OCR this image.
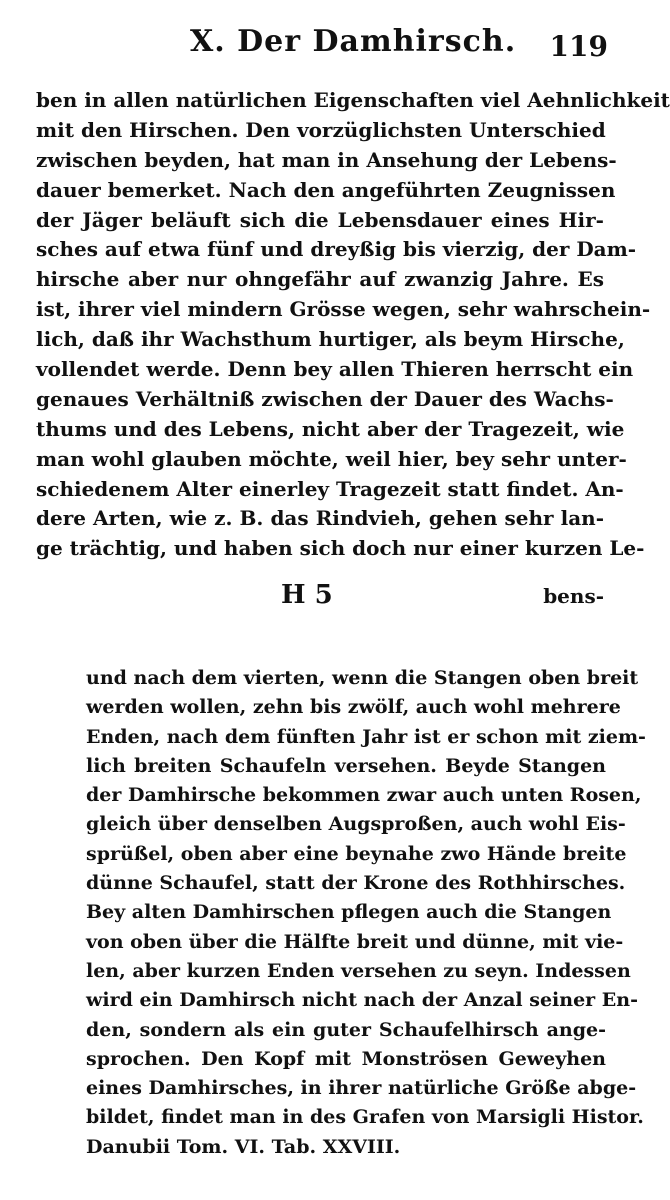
X. Der Damhirsch. 119
ben in allen natürlichen Eigenschaften viel Aehnlichkeit
mit den Hirschen. Den vorzüglichsten Unterschied
zwischen beyden, hat man in Ansehung der Lebens-
dauer bemerket. Nach den angeführten Zeugnissen
der Jäger beläuft sich die Lebensdauer eines Hir-
sches auf etwa fünf und dreyßig bis vierzig, der Dam-
hirsche aber nur ohngefähr auf zwanzig Jahre. Es
ist, ihrer viel mindern Grösse wegen, sehr wahrschein-
lich, daß ihr Wachsthum hurtiger, als beym Hirsche,
vollendet werde. Denn bey allen Thieren herrscht ein
genaues Verhältniß zwischen der Dauer des Wachs-
thums und des Lebens, nicht aber der Tragezeit, wie
man wohl glauben möchte, weil hier, bey sehr unter-
schiedenem Alter einerley Tragezeit statt findet. An-
dere Arten, wie z. B. das Rindvieh, gehen sehr lan-
ge trächtig, und haben sich doch nur einer kurzen Le-
H 5	bens-
und nach dem vierten, wenn die Stangen oben breit
werden wollen, zehn bis zwölf, auch wohl mehrere
Enden, nach dem fünften Jahr ist er schon mit ziem-
lich breiten Schaufeln versehen. Beyde Stangen
der Damhirsche bekommen zwar auch unten Rosen,
gleich über denselben Augsproßen, auch wohl Eis-
sprüßel, oben aber eine beynahe zwo Hände breite
dünne Schaufel, statt der Krone des Rothhirsches.
Bey alten Damhirschen pflegen auch die Stangen
von oben über die Hälfte breit und dünne, mit vie-
len, aber kurzen Enden versehen zu seyn. Indessen
wird ein Damhirsch nicht nach der Anzal seiner En-
den, sondern als ein guter Schaufelhirsch ange-
sprochen. Den Kopf mit Monströsen Geweyhen
eines Damhirsches, in ihrer natürliche Größe abge-
bildet, findet man in des Grafen von Marsigli Histor.
Danubii Tom. VI. Tab. XXVIII.
